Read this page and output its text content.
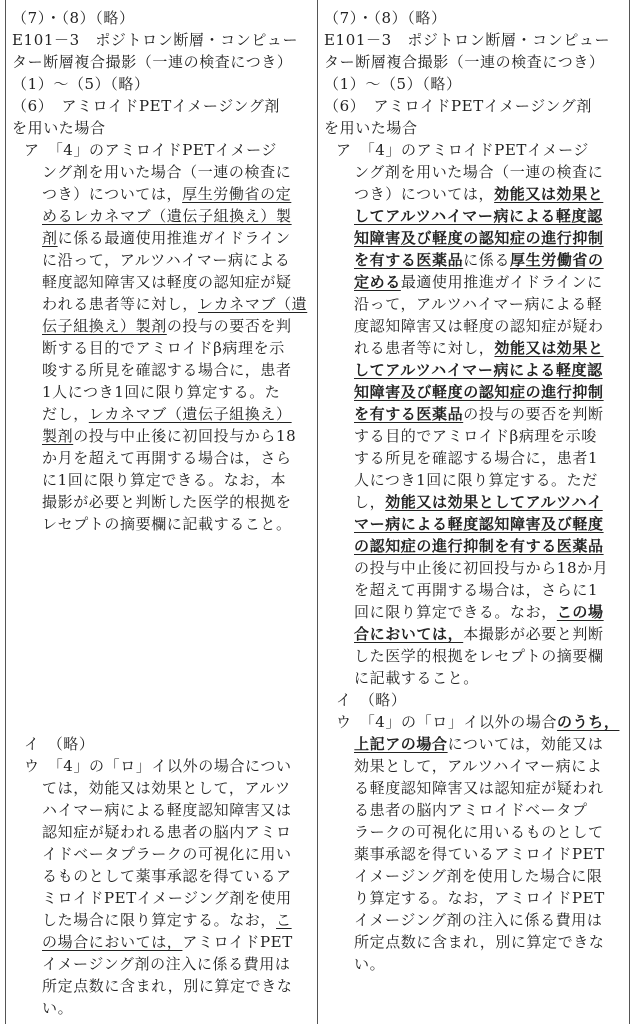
（7）・（8）（略）
E101－3　ポジトロン断層・コンピュー
ター断層複合撮影（一連の検査につき）
（1）～（5）（略）
（6）　アミロイドPETイメージング剤
を用いた場合
ア　「4」のアミロイドPETイメージ
ング剤を用いた場合（一連の検査に
つき）については，厚生労働省の定
めるレカネマブ（遺伝子組換え）製
剤に係る最適使用推進ガイドライン
に沿って，アルツハイマー病による
軽度認知障害又は軽度の認知症が疑
われる患者等に対し，レカネマブ（遺
伝子組換え）製剤の投与の要否を判
断する目的でアミロイドβ病理を示
唆する所見を確認する場合に，患者
1人につき1回に限り算定する。た
だし，レカネマブ（遺伝子組換え）
製剤の投与中止後に初回投与から18
か月を超えて再開する場合は，さら
に1回に限り算定できる。なお，本
撮影が必要と判断した医学的根拠を
レセプトの摘要欄に記載すること。
イ　（略）
ウ　「4」の「ロ」イ以外の場合につい
ては，効能又は効果として，アルツ
ハイマー病による軽度認知障害又は
認知症が疑われる患者の脳内アミロ
イドベータプラークの可視化に用い
るものとして薬事承認を得ているア
ミロイドPETイメージング剤を使用
した場合に限り算定する。なお，こ
の場合においては，アミロイドPET
イメージング剤の注入に係る費用は
所定点数に含まれ，別に算定できな
い。
（7）・（8）（略）
E101－3　ポジトロン断層・コンピュー
ター断層複合撮影（一連の検査につき）
（1）～（5）（略）
（6）　アミロイドPETイメージング剤
を用いた場合
ア　「4」のアミロイドPETイメージ
ング剤を用いた場合（一連の検査に
つき）については，効能又は効果と
してアルツハイマー病による軽度認
知障害及び軽度の認知症の進行抑制
を有する医薬品に係る厚生労働省の
定める最適使用推進ガイドラインに
沿って，アルツハイマー病による軽
度認知障害又は軽度の認知症が疑わ
れる患者等に対し，効能又は効果と
してアルツハイマー病による軽度認
知障害及び軽度の認知症の進行抑制
を有する医薬品の投与の要否を判断
する目的でアミロイドβ病理を示唆
する所見を確認する場合に，患者1
人につき1回に限り算定する。ただ
し，効能又は効果としてアルツハイ
マー病による軽度認知障害及び軽度
の認知症の進行抑制を有する医薬品
の投与中止後に初回投与から18か月
を超えて再開する場合は，さらに1
回に限り算定できる。なお，この場
合においては，本撮影が必要と判断
した医学的根拠をレセプトの摘要欄
に記載すること。
イ　（略）
ウ　「4」の「ロ」イ以外の場合のうち，
上記アの場合については，効能又は
効果として，アルツハイマー病によ
る軽度認知障害又は認知症が疑われ
る患者の脳内アミロイドベータプ
ラークの可視化に用いるものとして
薬事承認を得ているアミロイドPET
イメージング剤を使用した場合に限
り算定する。なお，アミロイドPET
イメージング剤の注入に係る費用は
所定点数に含まれ，別に算定できな
い。
